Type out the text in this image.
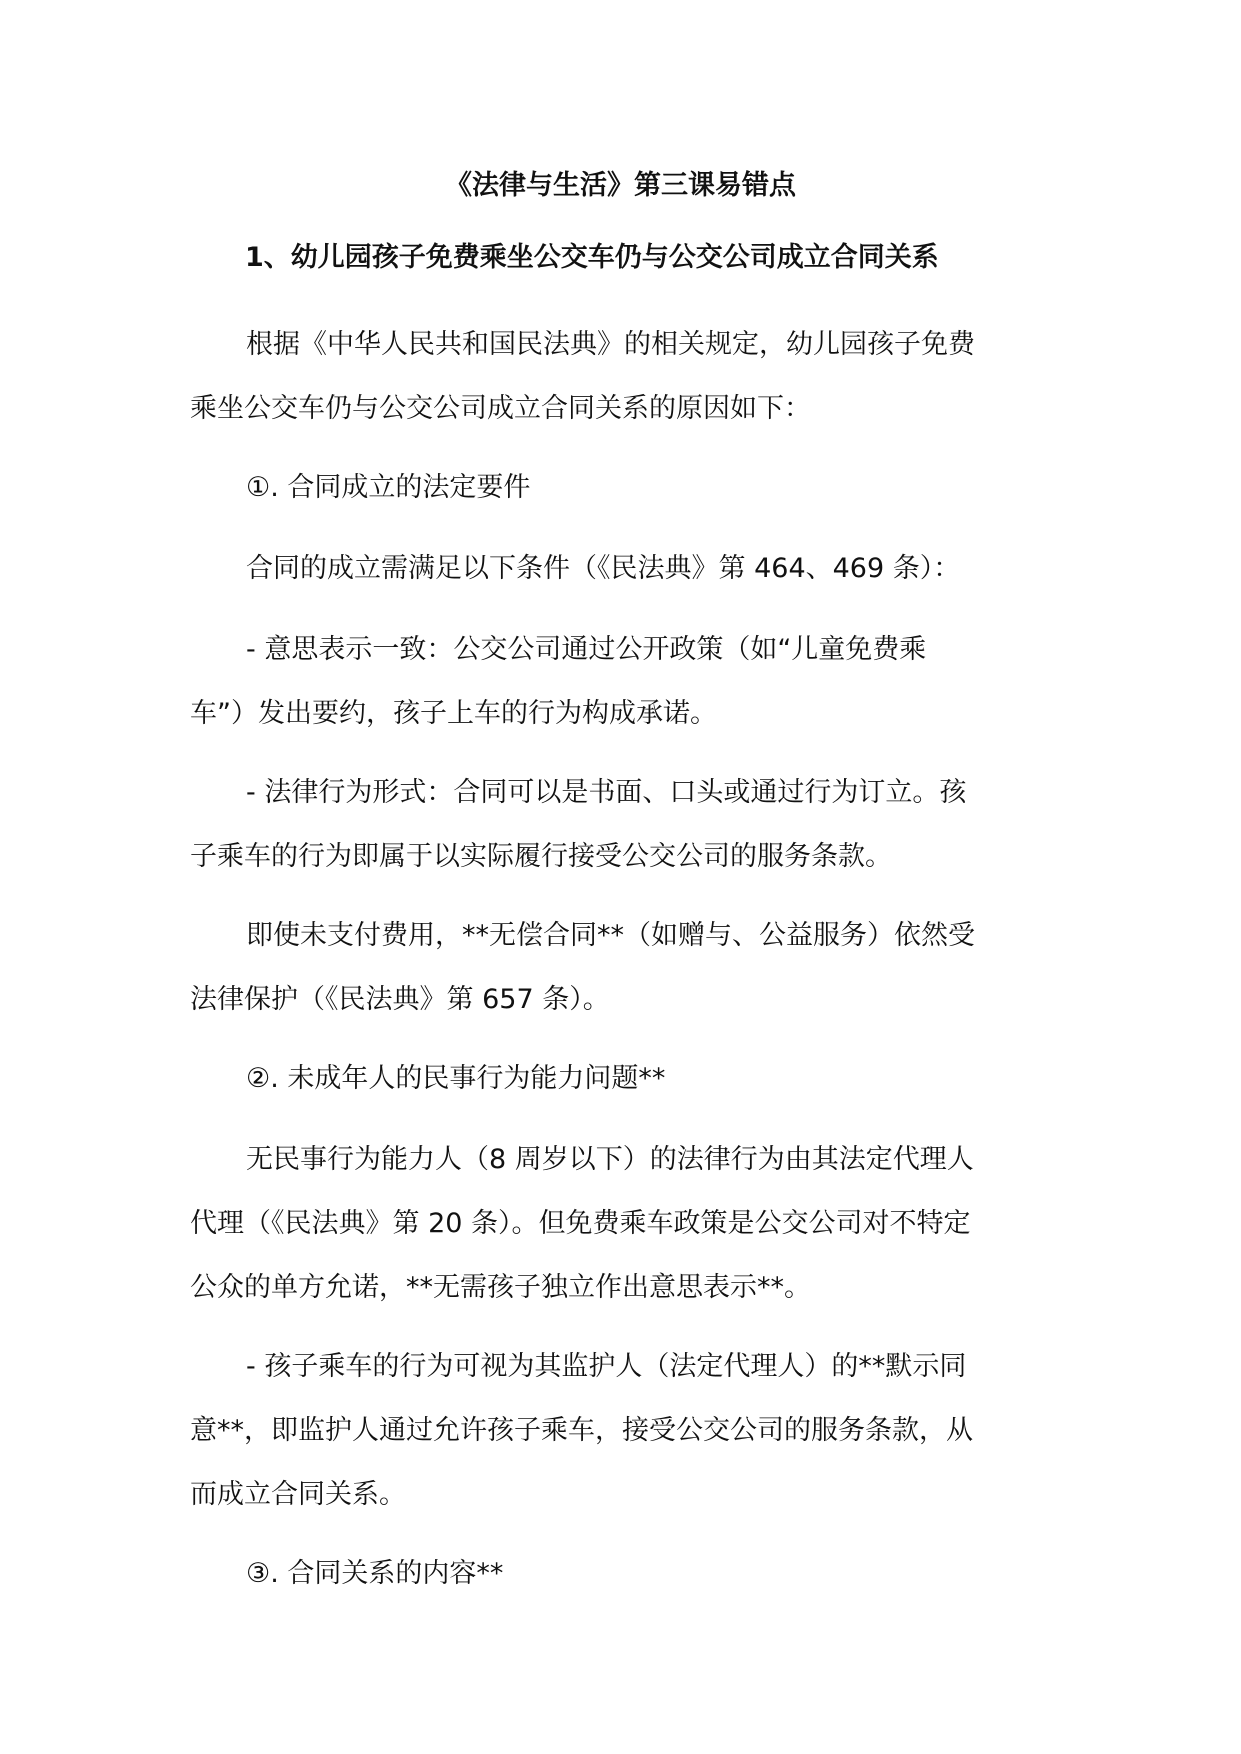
《法律与生活》第三课易错点
1、幼儿园孩子免费乘坐公交车仍与公交公司成立合同关系

根据《中华人民共和国民法典》的相关规定，幼儿园孩子免费
乘坐公交车仍与公交公司成立合同关系的原因如下：

①. 合同成立的法定要件

合同的成立需满足以下条件（《民法典》第 464、469 条）：

- 意思表示一致：公交公司通过公开政策（如“儿童免费乘
车”）发出要约，孩子上车的行为构成承诺。

- 法律行为形式：合同可以是书面、口头或通过行为订立。孩
子乘车的行为即属于以实际履行接受公交公司的服务条款。

即使未支付费用，**无偿合同**（如赠与、公益服务）依然受
法律保护（《民法典》第 657 条）。

②. 未成年人的民事行为能力问题**

无民事行为能力人（8 周岁以下）的法律行为由其法定代理人
代理（《民法典》第 20 条）。但免费乘车政策是公交公司对不特定
公众的单方允诺，**无需孩子独立作出意思表示**。

- 孩子乘车的行为可视为其监护人（法定代理人）的**默示同
意**，即监护人通过允许孩子乘车，接受公交公司的服务条款，从
而成立合同关系。

③. 合同关系的内容**
